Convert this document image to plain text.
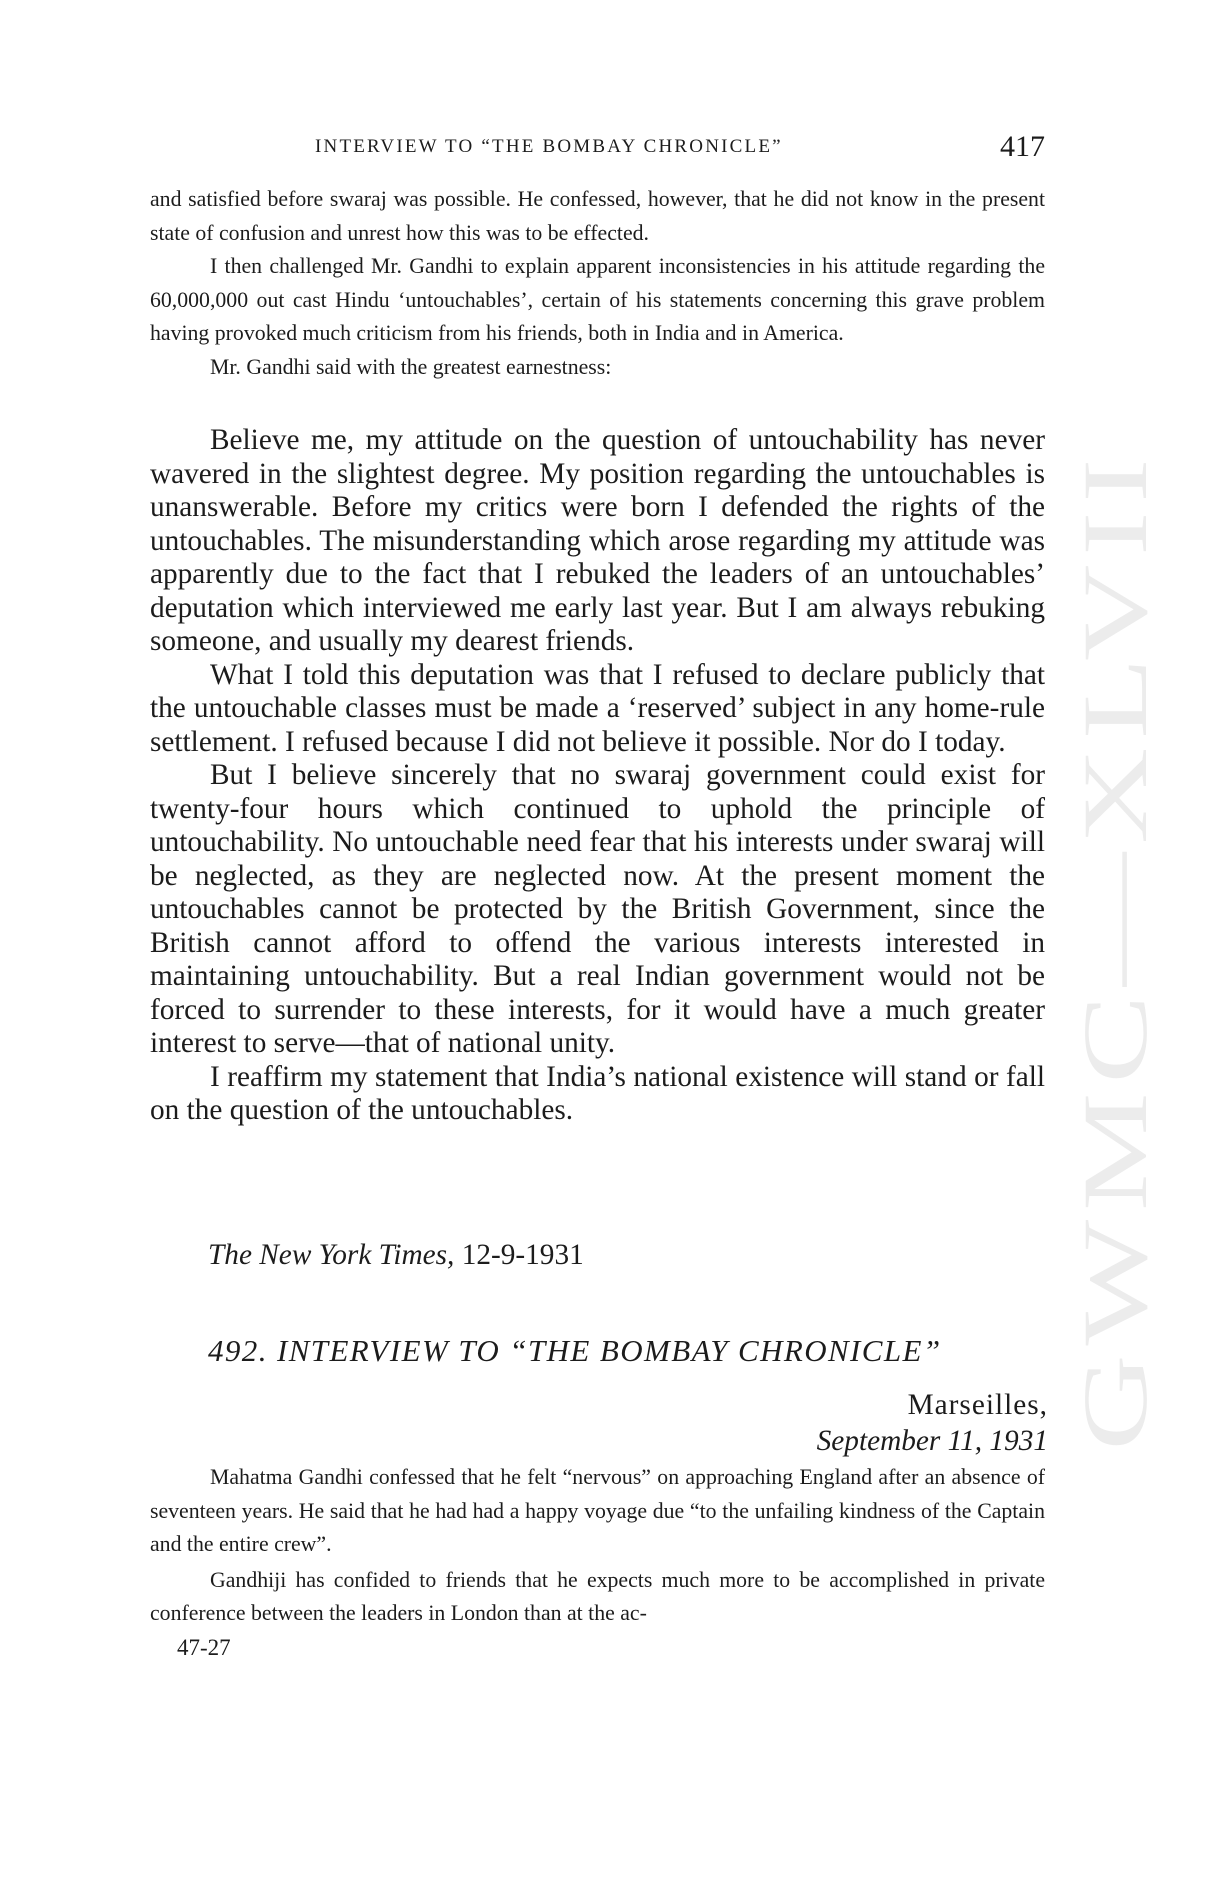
GWMC—XLVII
INTERVIEW TO “THE BOMBAY CHRONICLE”	417

and satisfied before swaraj was possible. He confessed, however, that he did not know in the present state of confusion and unrest how this was to be effected.

I then challenged Mr. Gandhi to explain apparent inconsistencies in his attitude regarding the 60,000,000 out cast Hindu ‘untouchables’, certain of his statements concerning this grave problem having provoked much criticism from his friends, both in India and in America.

Mr. Gandhi said with the greatest earnestness:

Believe me, my attitude on the question of untouchability has never wavered in the slightest degree. My position regarding the untouchables is unanswerable. Before my critics were born I defended the rights of the untouchables. The misunderstanding which arose regarding my attitude was apparently due to the fact that I rebuked the leaders of an untouchables’ deputation which interviewed me early last year. But I am always rebuking someone, and usually my dearest friends.

What I told this deputation was that I refused to declare publicly that the untouchable classes must be made a ‘reserved’ subject in any home-rule settlement. I refused because I did not believe it possible. Nor do I today.

But I believe sincerely that no swaraj government could exist for twenty-four hours which continued to uphold the principle of untouchability. No untouchable need fear that his interests under swaraj will be neglected, as they are neglected now. At the present moment the untouchables cannot be protected by the British Government, since the British cannot afford to offend the various interests interested in maintaining untouchability. But a real Indian government would not be forced to surrender to these interests, for it would have a much greater interest to serve—that of national unity.

I reaffirm my statement that India’s national existence will stand or fall on the question of the untouchables.

The New York Times, 12-9-1931
492. INTERVIEW TO “THE BOMBAY CHRONICLE”
Marseilles,
September 11, 1931

Mahatma Gandhi confessed that he felt “nervous” on approaching England after an absence of seventeen years. He said that he had had a happy voyage due “to the unfailing kindness of the Captain and the entire crew”.

Gandhiji has confided to friends that he expects much more to be accomplished in private conference between the leaders in London than at the ac-

47-27
